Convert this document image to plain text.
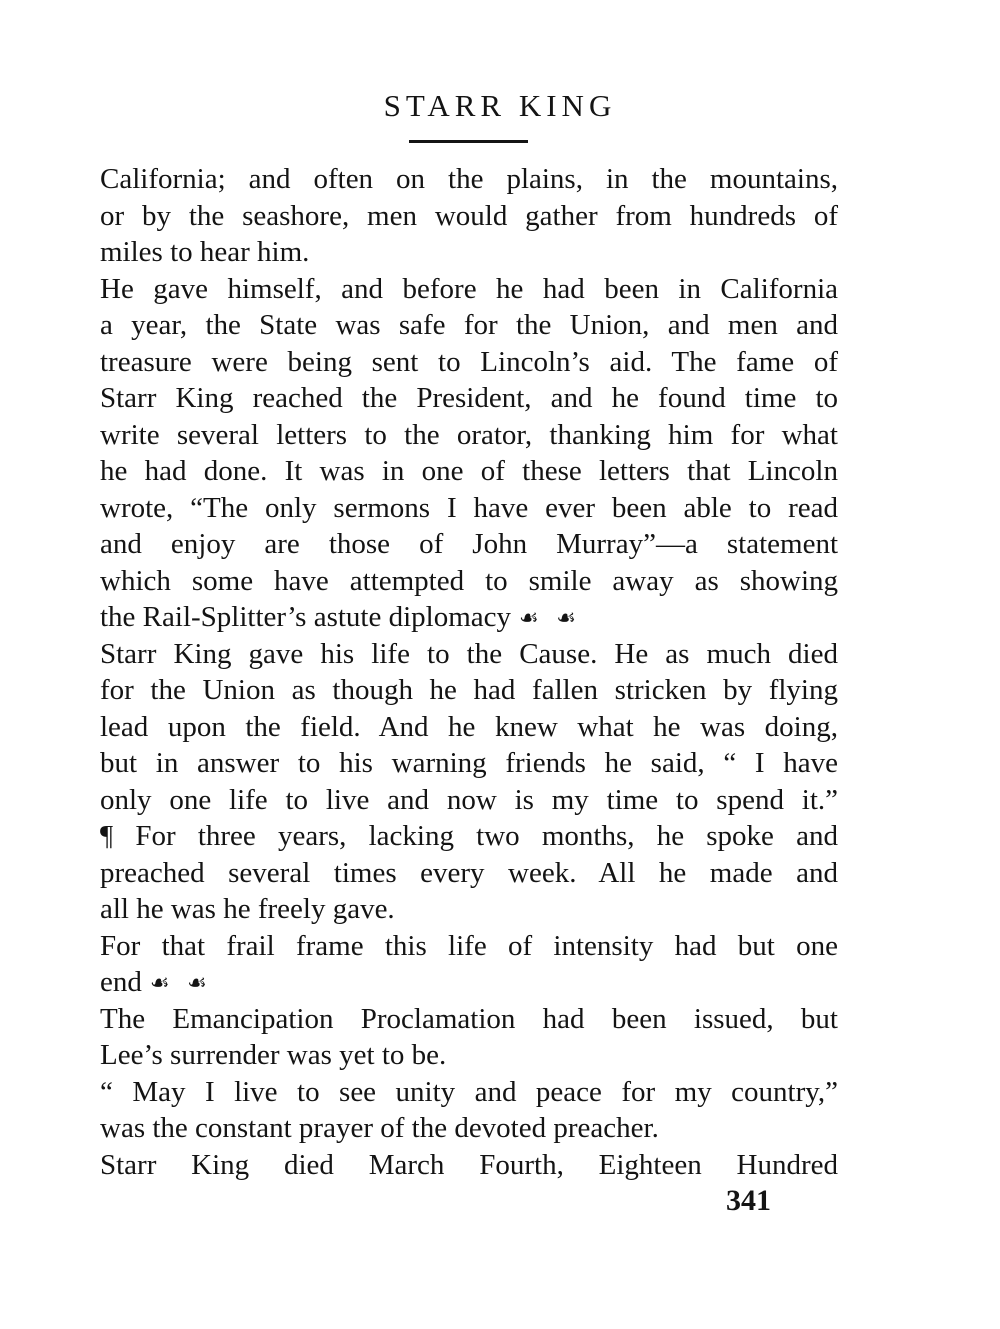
STARR KING
California; and often on the plains, in the mountains,
or by the seashore, men would gather from hundreds of
miles to hear him.
He gave himself, and before he had been in California
a year, the State was safe for the Union, and men and
treasure were being sent to Lincoln’s aid. The fame of
Starr King reached the President, and he found time to
write several letters to the orator, thanking him for what
he had done. It was in one of these letters that Lincoln
wrote, “The only sermons I have ever been able to read
and enjoy are those of John Murray”—a statement
which some have attempted to smile away as showing
the Rail-Splitter’s astute diplomacy ☙ ☙
Starr King gave his life to the Cause. He as much died
for the Union as though he had fallen stricken by flying
lead upon the field. And he knew what he was doing,
but in answer to his warning friends he said, “ I have
only one life to live and now is my time to spend it.”
¶ For three years, lacking two months, he spoke and
preached several times every week. All he made and
all he was he freely gave.
For that frail frame this life of intensity had but one
end ☙ ☙
The Emancipation Proclamation had been issued, but
Lee’s surrender was yet to be.
“ May I live to see unity and peace for my country,”
was the constant prayer of the devoted preacher.
Starr King died March Fourth, Eighteen Hundred
341
